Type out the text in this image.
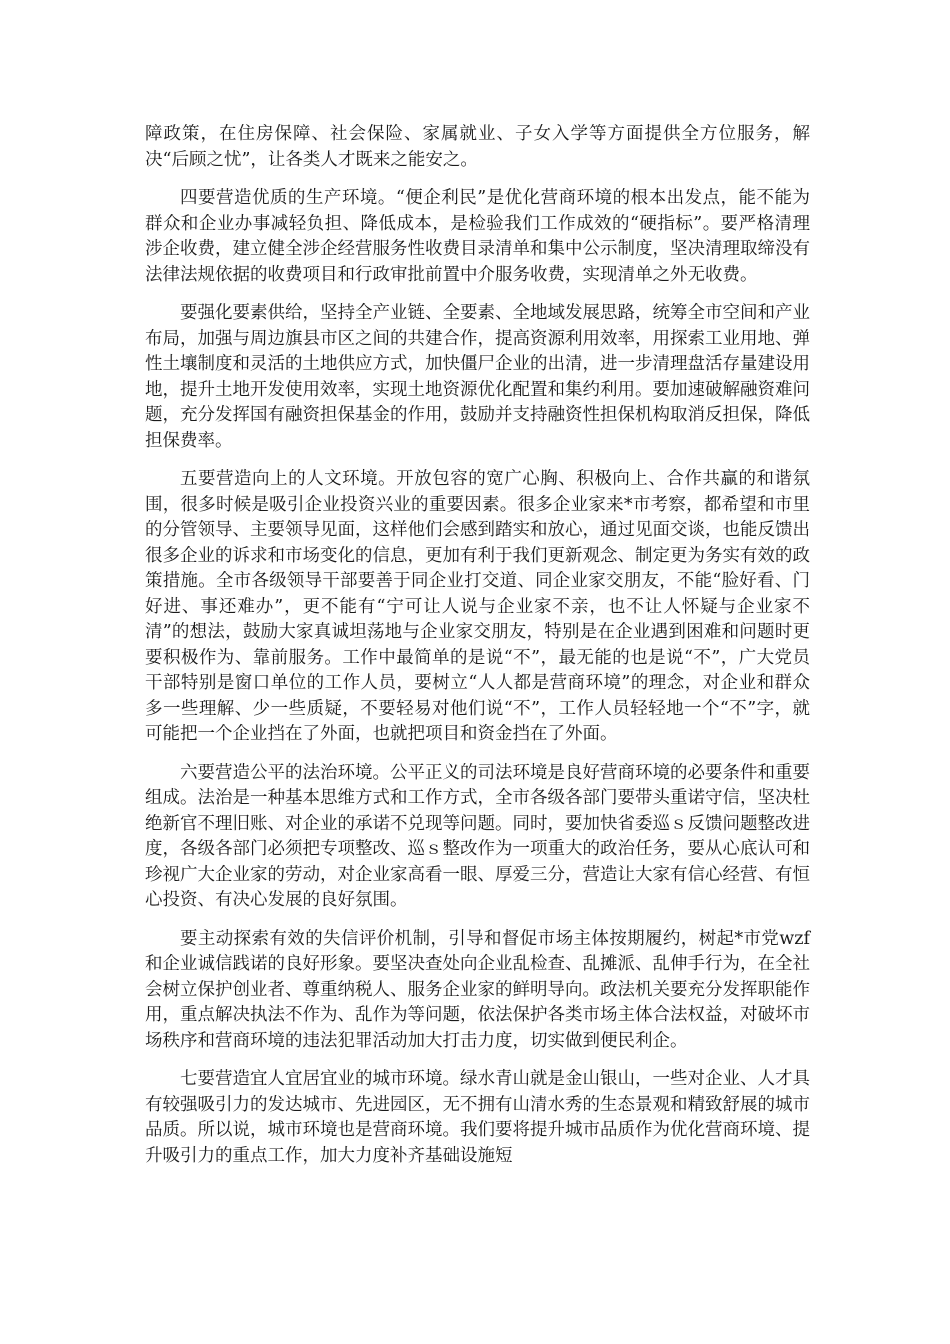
障政策，在住房保障、社会保险、家属就业、子女入学等方面提供全方位服务，解决“后顾之忧”，让各类人才既来之能安之。

四要营造优质的生产环境。“便企利民”是优化营商环境的根本出发点，能不能为群众和企业办事减轻负担、降低成本，是检验我们工作成效的“硬指标”。要严格清理涉企收费，建立健全涉企经营服务性收费目录清单和集中公示制度，坚决清理取缔没有法律法规依据的收费项目和行政审批前置中介服务收费，实现清单之外无收费。

要强化要素供给，坚持全产业链、全要素、全地域发展思路，统筹全市空间和产业布局，加强与周边旗县市区之间的共建合作，提高资源利用效率，用探索工业用地、弹性土壤制度和灵活的土地供应方式，加快僵尸企业的出清，进一步清理盘活存量建设用地，提升土地开发使用效率，实现土地资源优化配置和集约利用。要加速破解融资难问题，充分发挥国有融资担保基金的作用，鼓励并支持融资性担保机构取消反担保，降低担保费率。

五要营造向上的人文环境。开放包容的宽广心胸、积极向上、合作共赢的和谐氛围，很多时候是吸引企业投资兴业的重要因素。很多企业家来*市考察，都希望和市里的分管领导、主要领导见面，这样他们会感到踏实和放心，通过见面交谈，也能反馈出很多企业的诉求和市场变化的信息，更加有利于我们更新观念、制定更为务实有效的政策措施。全市各级领导干部要善于同企业打交道、同企业家交朋友，不能“脸好看、门好进、事还难办”，更不能有“宁可让人说与企业家不亲，也不让人怀疑与企业家不清”的想法，鼓励大家真诚坦荡地与企业家交朋友，特别是在企业遇到困难和问题时更要积极作为、靠前服务。工作中最简单的是说“不”，最无能的也是说“不”，广大党员干部特别是窗口单位的工作人员，要树立“人人都是营商环境”的理念，对企业和群众多一些理解、少一些质疑，不要轻易对他们说“不”，工作人员轻轻地一个“不”字，就可能把一个企业挡在了外面，也就把项目和资金挡在了外面。

六要营造公平的法治环境。公平正义的司法环境是良好营商环境的必要条件和重要组成。法治是一种基本思维方式和工作方式，全市各级各部门要带头重诺守信，坚决杜绝新官不理旧账、对企业的承诺不兑现等问题。同时，要加快省委巡ｓ反馈问题整改进度，各级各部门必须把专项整改、巡ｓ整改作为一项重大的政治任务，要从心底认可和珍视广大企业家的劳动，对企业家高看一眼、厚爱三分，营造让大家有信心经营、有恒心投资、有决心发展的良好氛围。

要主动探索有效的失信评价机制，引导和督促市场主体按期履约，树起*市党wzf和企业诚信践诺的良好形象。要坚决查处向企业乱检查、乱摊派、乱伸手行为，在全社会树立保护创业者、尊重纳税人、服务企业家的鲜明导向。政法机关要充分发挥职能作用，重点解决执法不作为、乱作为等问题，依法保护各类市场主体合法权益，对破坏市场秩序和营商环境的违法犯罪活动加大打击力度，切实做到便民利企。

七要营造宜人宜居宜业的城市环境。绿水青山就是金山银山，一些对企业、人才具有较强吸引力的发达城市、先进园区，无不拥有山清水秀的生态景观和精致舒展的城市品质。所以说，城市环境也是营商环境。我们要将提升城市品质作为优化营商环境、提升吸引力的重点工作，加大力度补齐基础设施短
